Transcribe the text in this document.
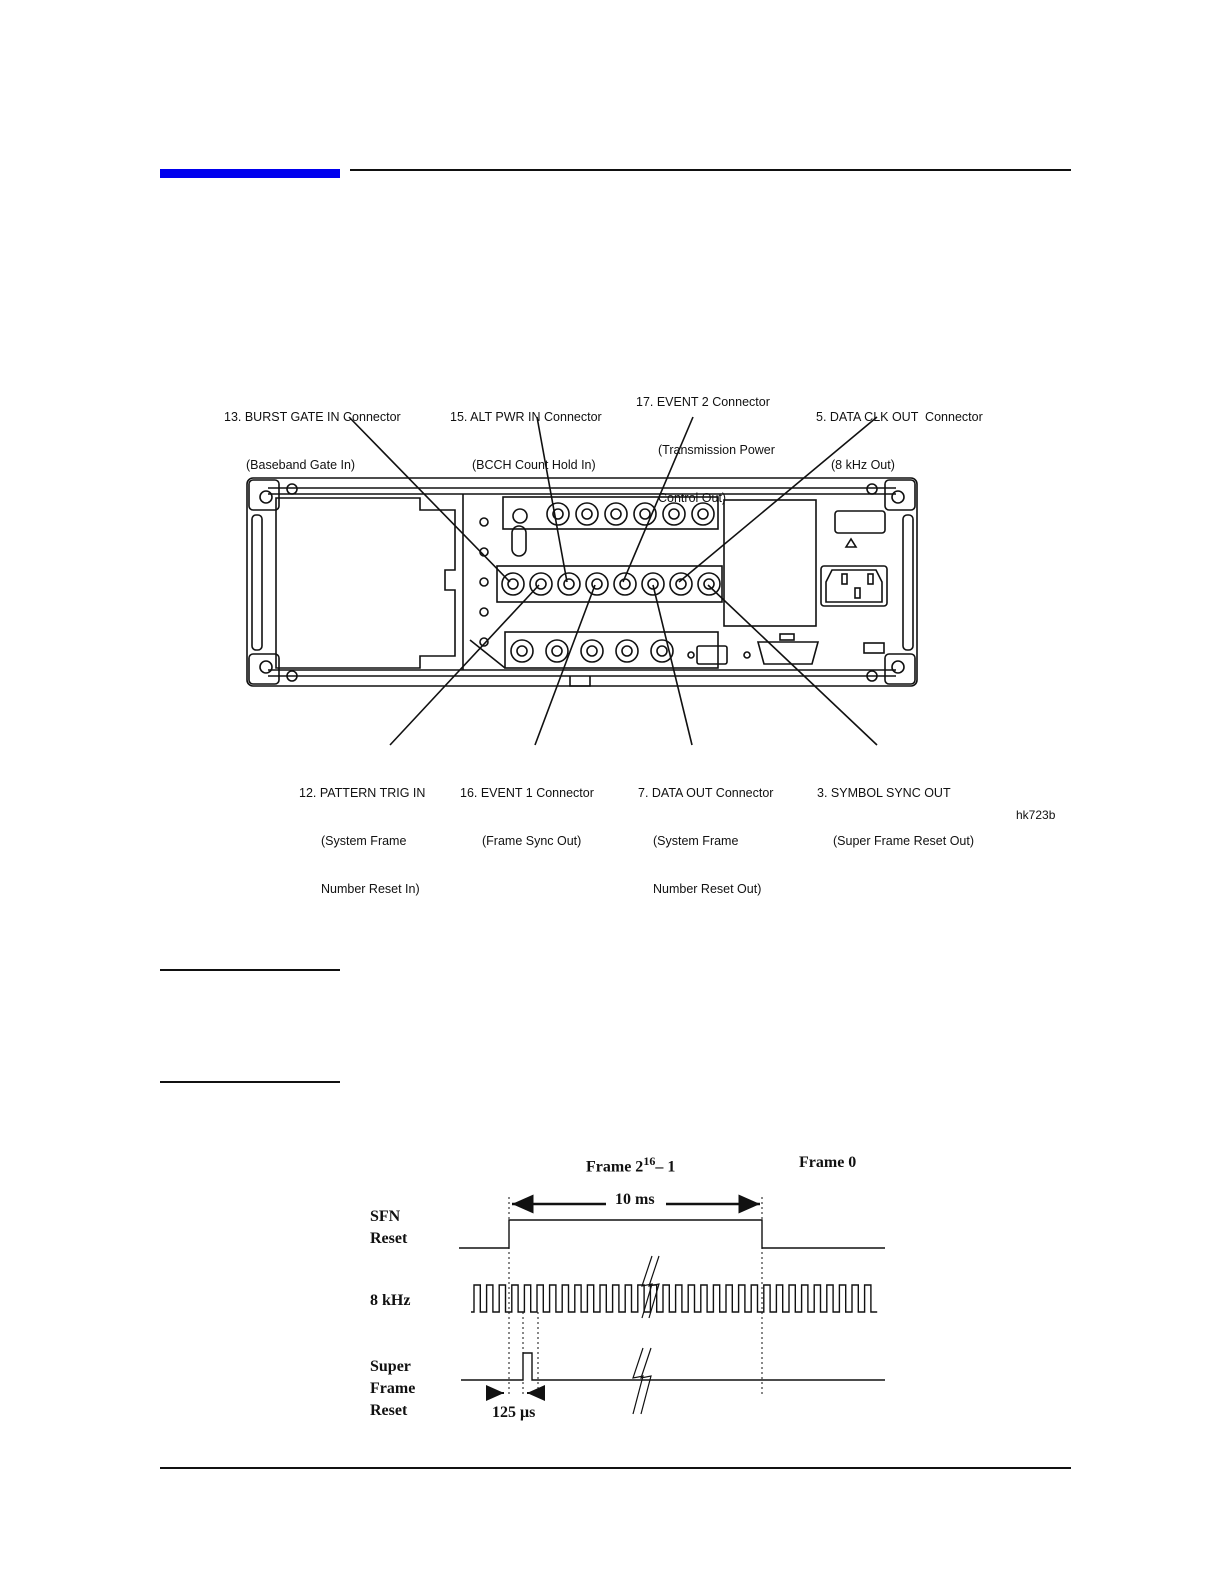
13. BURST GATE IN Connector

(Baseband Gate In)

15. ALT PWR IN Connector

(BCCH Count Hold In)

17. EVENT 2 Connector

(Transmission Power

Control Out)

5. DATA CLK OUT  Connector

(8 kHz Out)

12. PATTERN TRIG IN

(System Frame

Number Reset In)

16. EVENT 1 Connector

(Frame Sync Out)

7. DATA OUT Connector

(System Frame

Number Reset Out)

3. SYMBOL SYNC OUT

(Super Frame Reset Out)

hk723b
Frame $2^{16}-$ 1	Frame 0
10 ms
SFN
Reset
8 kHz
Super
Frame
Reset	125 μs
